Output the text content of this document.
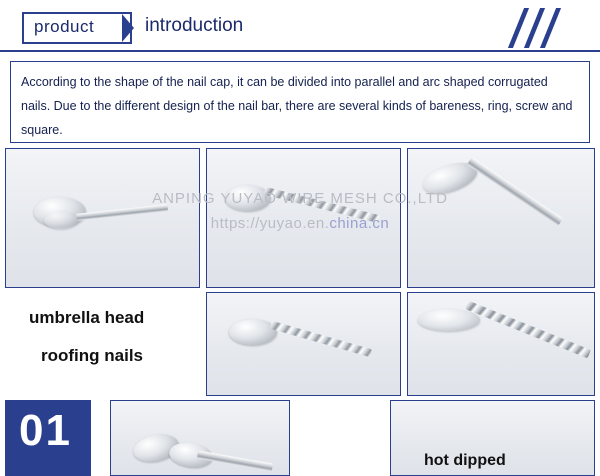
product	introduction
According to the shape of the nail cap, it can be divided into parallel and arc shaped corrugated nails. Due to the different design of the nail bar, there are several kinds of bareness, ring, screw and square.
umbrella head
roofing nails
01
hot dipped
ANPING YUYAO WIRE MESH CO.,LTD
https://yuyao.en.china.cn
